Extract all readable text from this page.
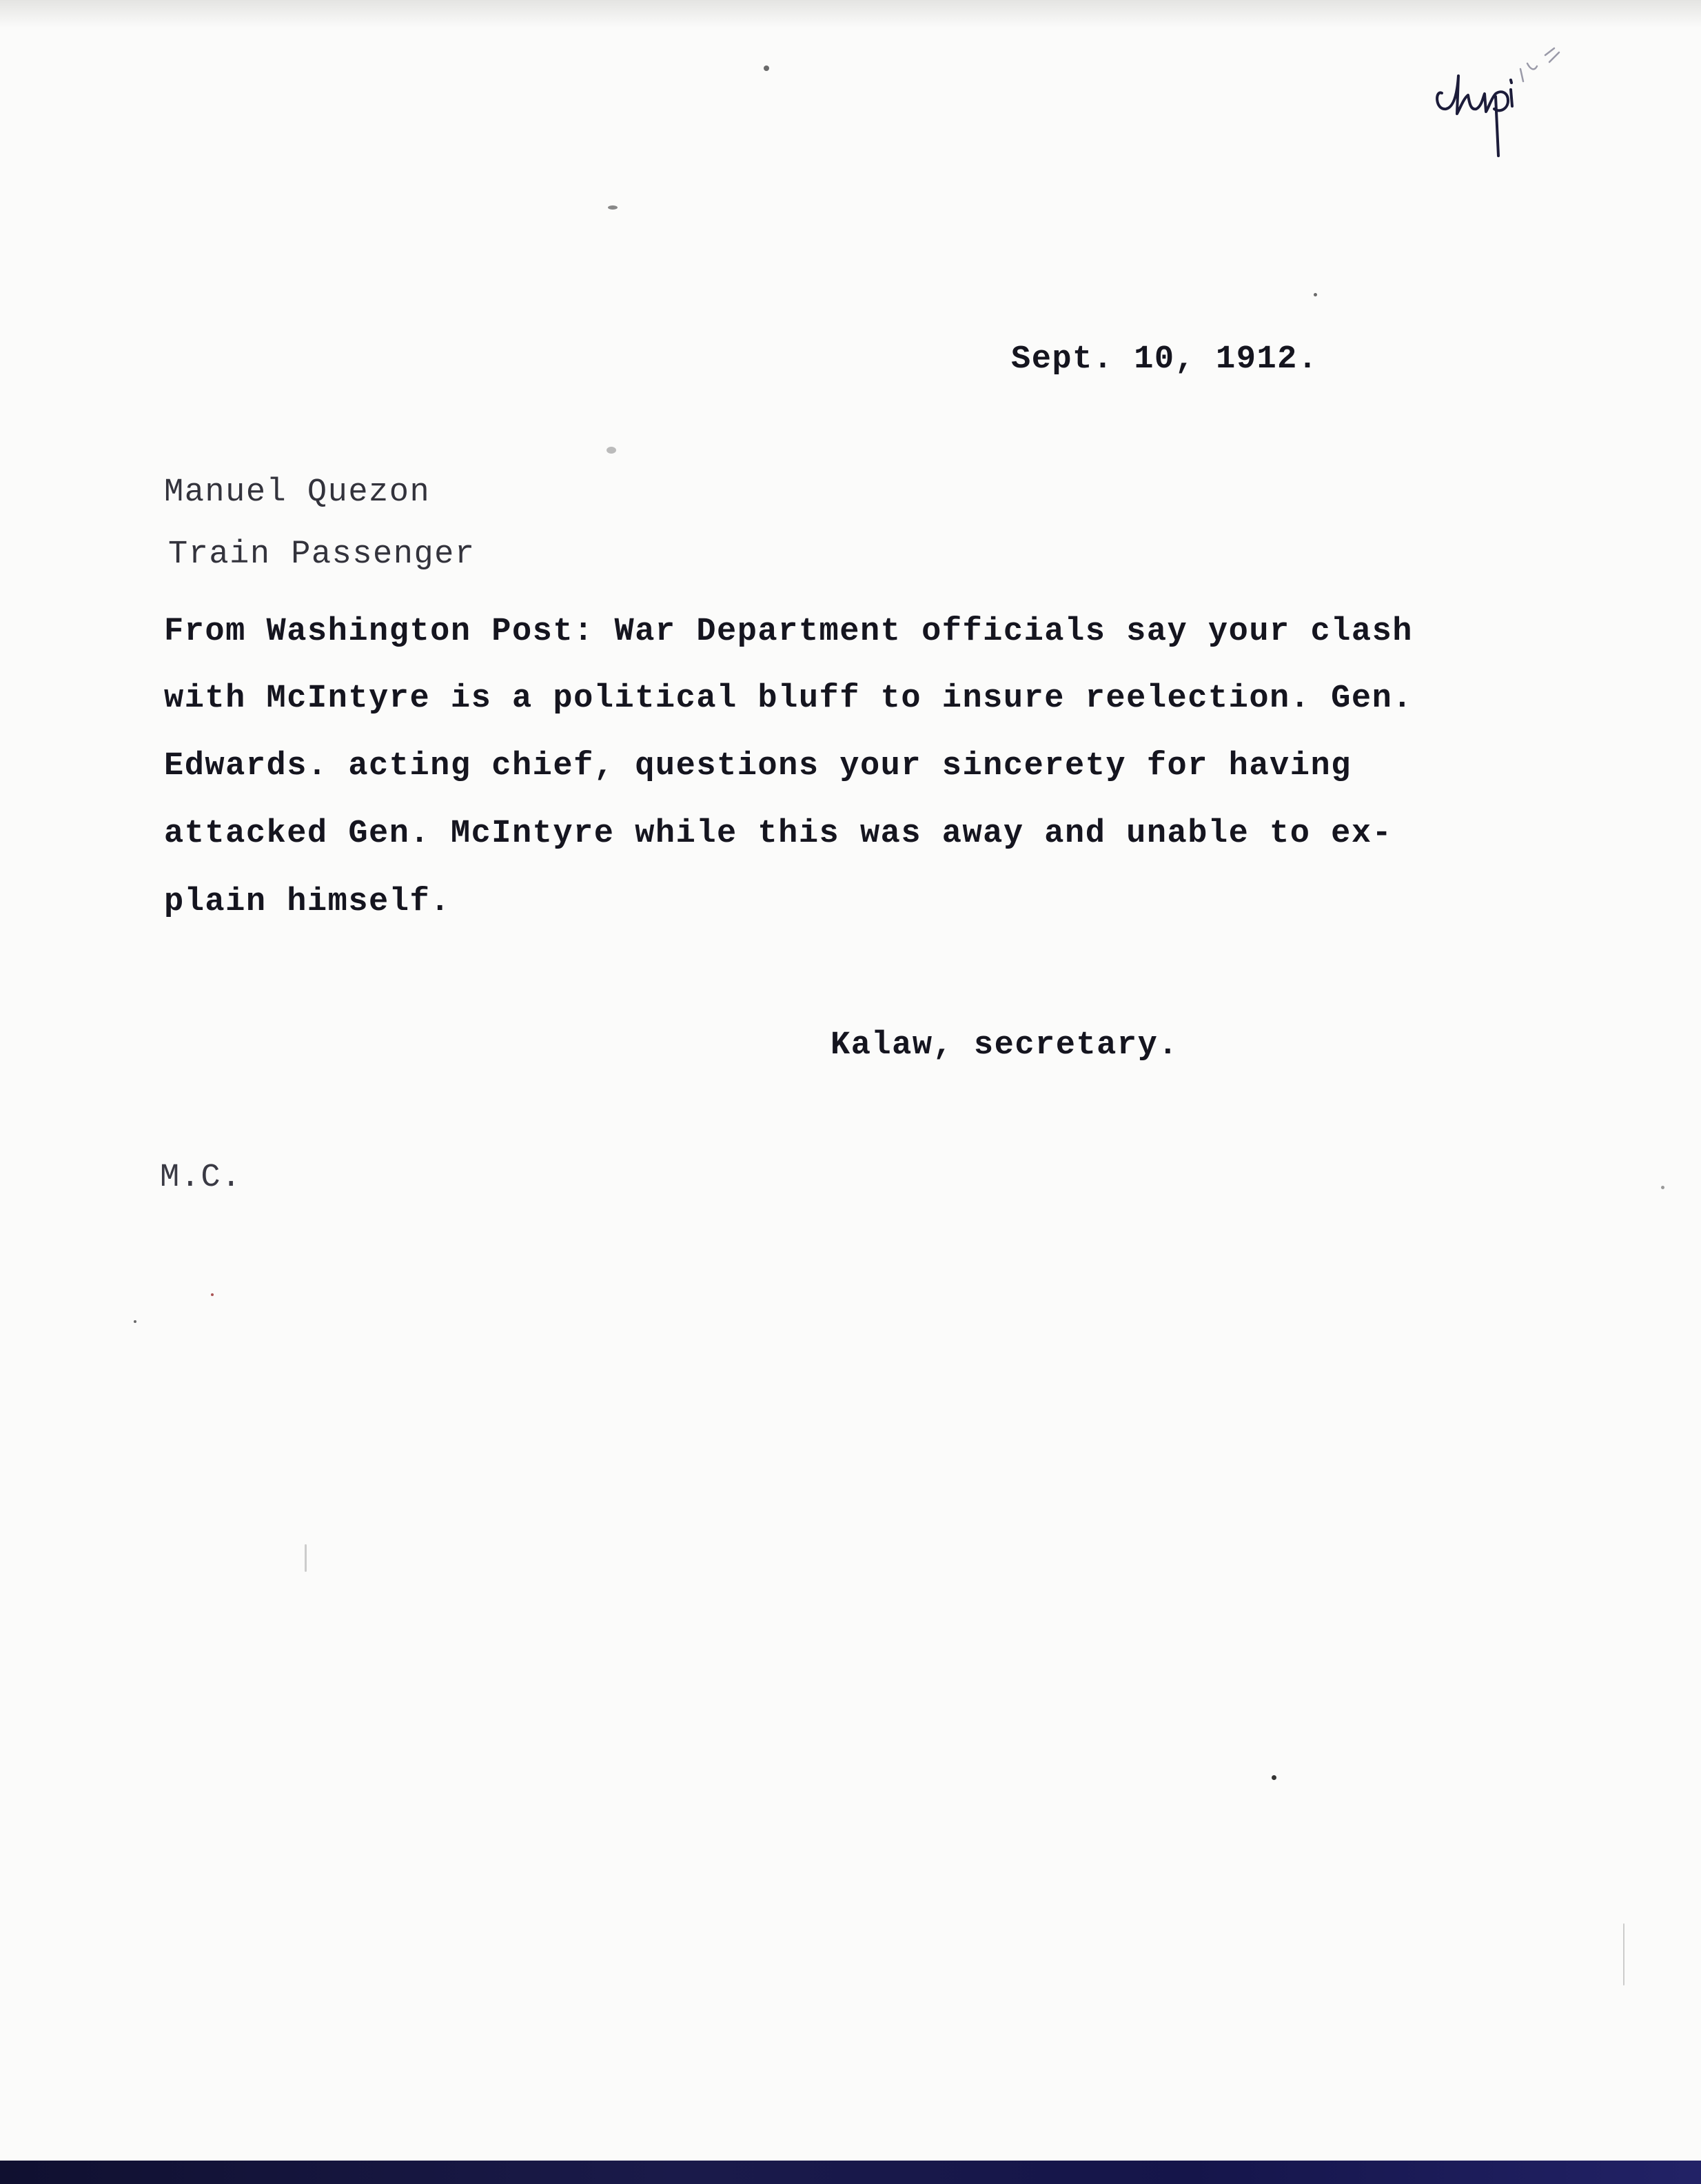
Sept. 10, 1912.
Manuel Quezon
Train Passenger
From Washington Post: War Department officials say your clash
with McIntyre is a political bluff to insure reelection. Gen.
Edwards. acting chief, questions your sincerety for having
attacked Gen. McIntyre while this was away and unable to ex-
plain himself.
Kalaw, secretary.
M.C.
